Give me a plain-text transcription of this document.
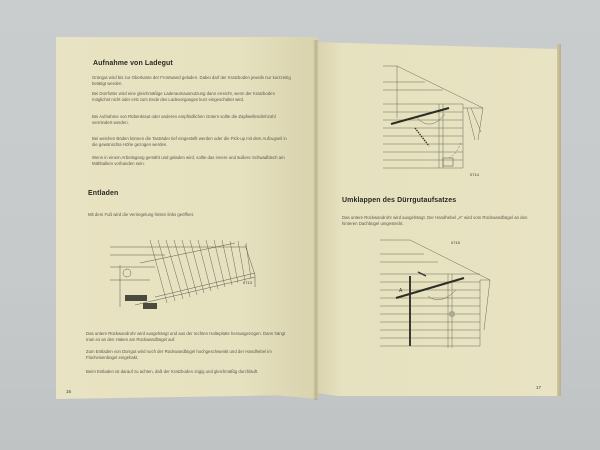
Aufnahme von Ladegut
Grüngut wird bis zur Oberkante der Frontwand geladen. Dabei darf der Kratzboden jeweils nur kurzzeitig betätigt werden.
Bei Dürrfutter wird eine gleichmäßige Laderaumausnutzung dann erreicht, wenn der Kratzboden möglichst nicht oder erst zum Ende des Ladevorganges kurz eingeschaltet wird.
Bei Aufnahme von Rübenkraut oder anderen empfindlichen Gütern sollte die Zapfwellendrehzahl vermindert werden.
Bei weichen Böden können die Tasträder tief eingestellt werden oder die Pick-up mit dem Aufzugseil in die gewünschte Höhe gezogen werden.
Wenn in einem Arbeitsgang gemäht und geladen wird, sollte das innere und äußere Schwadblech am Mähbalken vorhanden sein.
Entladen
Mit dem Fuß wird die Verriegelung hinten links geöffnet.
0713
Das untere Rückwandrohr wird ausgehängt und aus der rechten Halteplatte herausgezogen. Dann hängt man es an den Haken am Rückwandbügel auf.
Zum Entladen von Dürrgut wird noch der Rückwandbügel hochgeschwenkt und der Handhebel im Flacheisenbügel eingehakt.
Beim Entladen ist darauf zu achten, daß der Kratzboden zügig und gleichmäßig durchläuft.
16
0714
Umklappen des Dürrgutaufsatzes
Das untere Rückwandrohr wird ausgehängt. Der Handhebel „A“ wird vom Rückwandbügel an den hinteren Dachbügel umgesteckt.
0715
A
17
